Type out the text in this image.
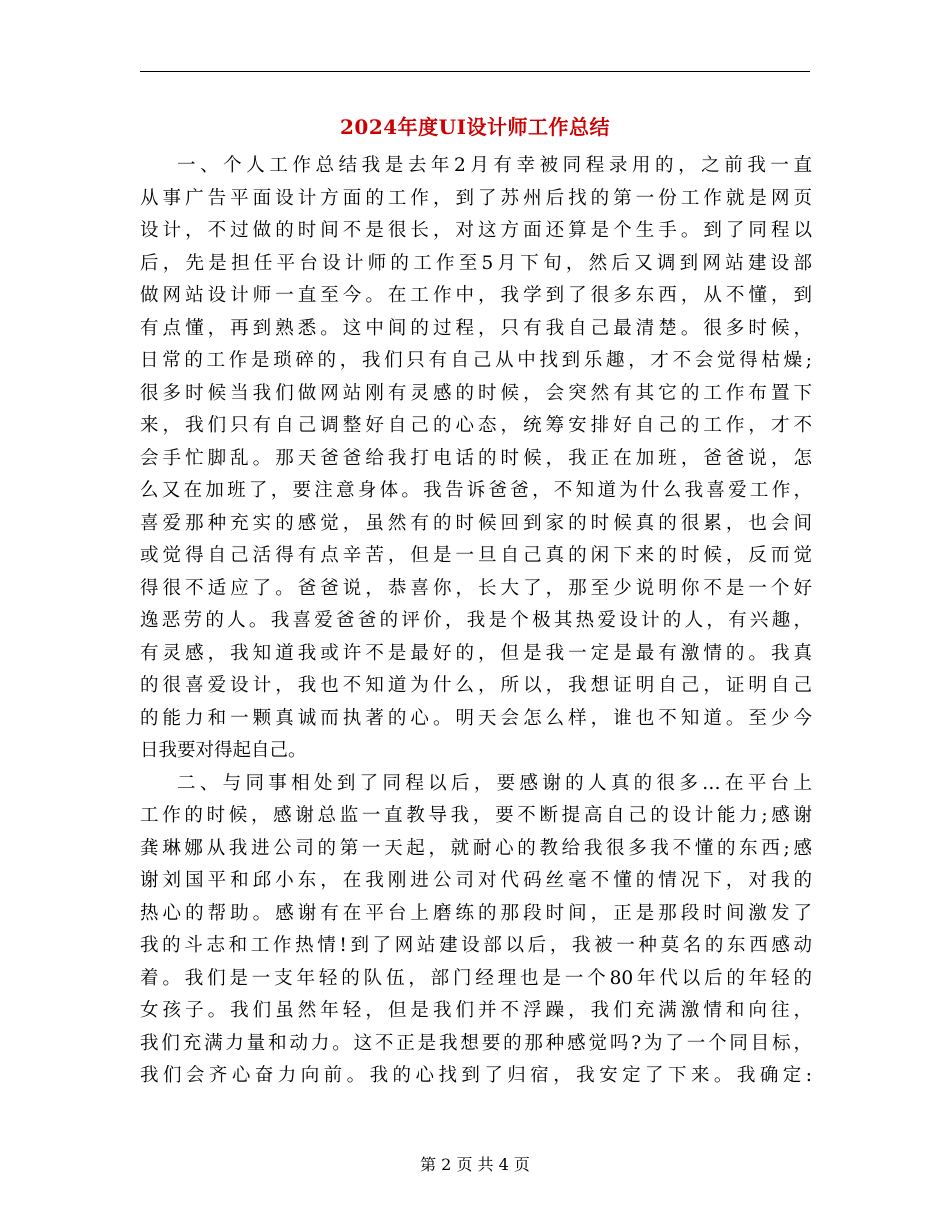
2024年度UI设计师工作总结
一、个人工作总结我是去年2月有幸被同程录用的，之前我一直
从事广告平面设计方面的工作，到了苏州后找的第一份工作就是网页
设计，不过做的时间不是很长，对这方面还算是个生手。到了同程以
后，先是担任平台设计师的工作至5月下旬，然后又调到网站建设部
做网站设计师一直至今。在工作中，我学到了很多东西，从不懂，到
有点懂，再到熟悉。这中间的过程，只有我自己最清楚。很多时候，
日常的工作是琐碎的，我们只有自己从中找到乐趣，才不会觉得枯燥;
很多时候当我们做网站刚有灵感的时候，会突然有其它的工作布置下
来，我们只有自己调整好自己的心态，统筹安排好自己的工作，才不
会手忙脚乱。那天爸爸给我打电话的时候，我正在加班，爸爸说，怎
么又在加班了，要注意身体。我告诉爸爸，不知道为什么我喜爱工作，
喜爱那种充实的感觉，虽然有的时候回到家的时候真的很累，也会间
或觉得自己活得有点辛苦，但是一旦自己真的闲下来的时候，反而觉
得很不适应了。爸爸说，恭喜你，长大了，那至少说明你不是一个好
逸恶劳的人。我喜爱爸爸的评价，我是个极其热爱设计的人，有兴趣，
有灵感，我知道我或许不是最好的，但是我一定是最有激情的。我真
的很喜爱设计，我也不知道为什么，所以，我想证明自己，证明自己
的能力和一颗真诚而执著的心。明天会怎么样，谁也不知道。至少今
日我要对得起自己。
二、与同事相处到了同程以后，要感谢的人真的很多…在平台上
工作的时候，感谢总监一直教导我，要不断提高自己的设计能力;感谢
龚琳娜从我进公司的第一天起，就耐心的教给我很多我不懂的东西;感
谢刘国平和邱小东，在我刚进公司对代码丝毫不懂的情况下，对我的
热心的帮助。感谢有在平台上磨练的那段时间，正是那段时间激发了
我的斗志和工作热情!到了网站建设部以后，我被一种莫名的东西感动
着。我们是一支年轻的队伍，部门经理也是一个80年代以后的年轻的
女孩子。我们虽然年轻，但是我们并不浮躁，我们充满激情和向往，
我们充满力量和动力。这不正是我想要的那种感觉吗?为了一个同目标，
我们会齐心奋力向前。我的心找到了归宿，我安定了下来。我确定:
第 2 页 共 4 页
